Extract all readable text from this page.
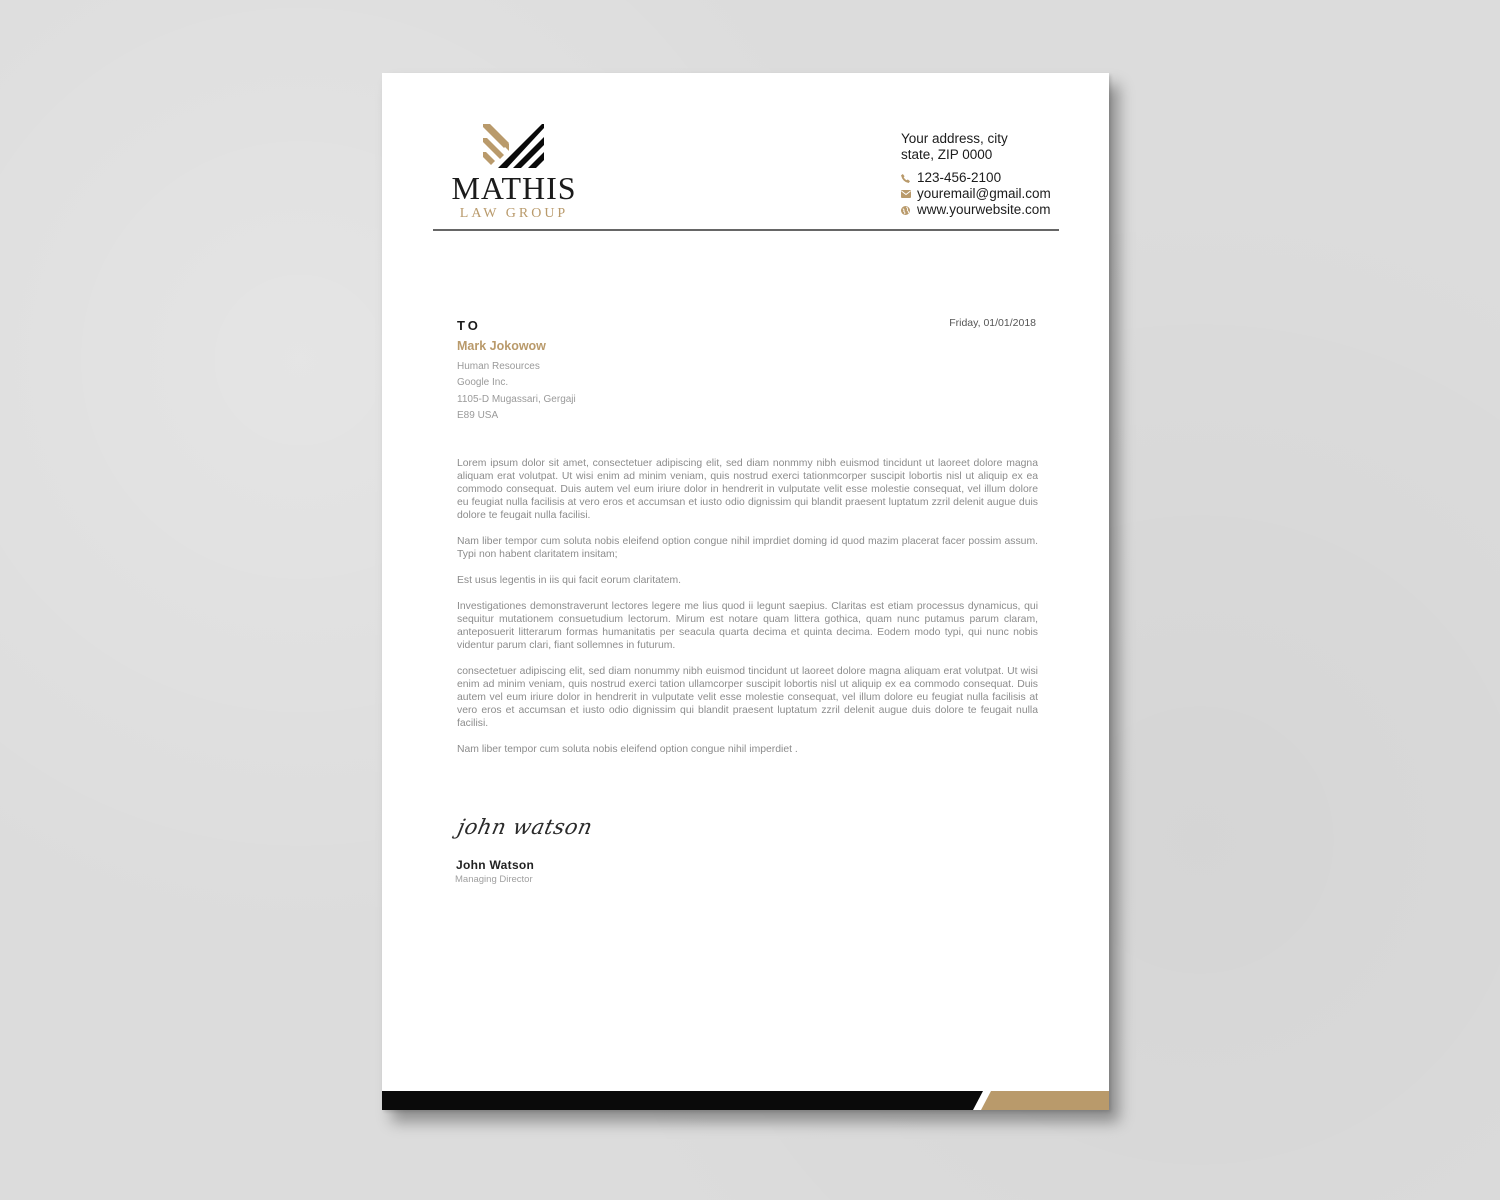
MATHIS
LAW GROUP
Your address, city
state, ZIP 0000
123-456-2100
youremail@gmail.com
www.yourwebsite.com
TO	Friday, 01/01/2018
Mark Jokowow
Human Resources
Google Inc.
1105-D Mugassari, Gergaji
E89 USA

Lorem ipsum dolor sit amet, consectetuer adipiscing elit, sed diam nonmmy nibh euismod tincidunt ut laoreet dolore magna aliquam erat volutpat. Ut wisi enim ad minim veniam, quis nostrud exerci tationmcorper suscipit lobortis nisl ut aliquip ex ea commodo consequat. Duis autem vel eum iriure dolor in hendrerit in vulputate velit esse molestie consequat, vel illum dolore eu feugiat nulla facilisis at vero eros et accumsan et iusto odio dignissim qui blandit praesent luptatum zzril delenit augue duis dolore te feugait nulla facilisi.

Nam liber tempor cum soluta nobis eleifend option congue nihil imprdiet doming id quod mazim placerat facer possim assum. Typi non habent claritatem insitam;

Est usus legentis in iis qui facit eorum claritatem.

Investigationes demonstraverunt lectores legere me lius quod ii legunt saepius. Claritas est etiam processus dynamicus, qui sequitur mutationem consuetudium lectorum. Mirum est notare quam littera gothica, quam nunc putamus parum claram, anteposuerit litterarum formas humanitatis per seacula quarta decima et quinta decima. Eodem modo typi, qui nunc nobis videntur parum clari, fiant sollemnes in futurum.

consectetuer adipiscing elit, sed diam nonummy nibh euismod tincidunt ut laoreet dolore magna aliquam erat volutpat. Ut wisi enim ad minim veniam, quis nostrud exerci tation ullamcorper suscipit lobortis nisl ut aliquip ex ea commodo consequat. Duis autem vel eum iriure dolor in hendrerit in vulputate velit esse molestie consequat, vel illum dolore eu feugiat nulla facilisis at vero eros et accumsan et iusto odio dignissim qui blandit praesent luptatum zzril delenit augue duis dolore te feugait nulla facilisi.

Nam liber tempor cum soluta nobis eleifend option congue nihil imperdiet .

john watson
John Watson
Managing Director
